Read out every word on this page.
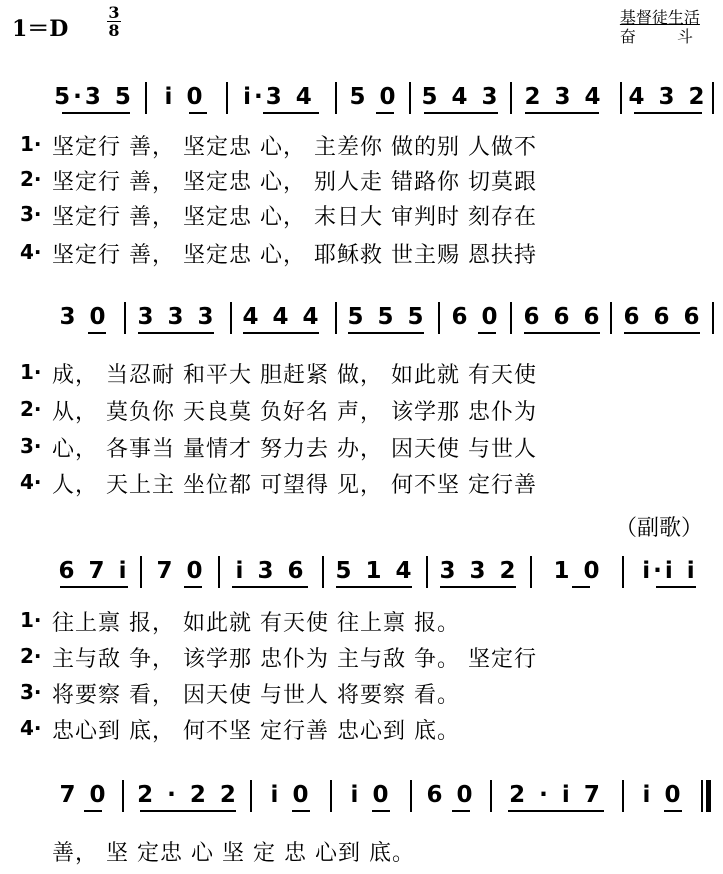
1＝D
3
8
基督徒生活
奋 斗
5·3 5	i 0	i·3 4	5 0 5 4 3 2 3 4 4 3 2
1· 坚定行 善， 坚定忠 心， 主差你 做的别 人做不
2· 坚定行 善， 坚定忠 心， 别人走 错路你 切莫跟
3· 坚定行 善， 坚定忠 心， 末日大 审判时 刻存在
4· 坚定行 善， 坚定忠 心， 耶稣救 世主赐 恩扶持
3 0	3 3 3 4 4 4 5 5 5 6 0 6 6 6 6 6 6
1· 成， 当忍耐 和平大 胆赶紧 做， 如此就 有天使
2· 从， 莫负你 天良莫 负好名 声， 该学那 忠仆为
3· 心， 各事当 量情才 努力去 办， 因天使 与世人
4· 人， 天上主 坐位都 可望得 见， 何不坚 定行善
（副歌）
6 7 i	7 0	i 3 6	5 1 4 3 3 2	1 0	i·i i
1· 往上禀 报， 如此就 有天使 往上禀 报。
2· 主与敌 争， 该学那 忠仆为 主与敌 争。 坚定行
3· 将要察 看， 因天使 与世人 将要察 看。
4· 忠心到 底， 何不坚 定行善 忠心到 底。
7 0 2 · 2 2	i 0	i 0	6 0	2 · i 7	i 0
善， 坚 定忠 心 坚 定 忠 心到 底。
